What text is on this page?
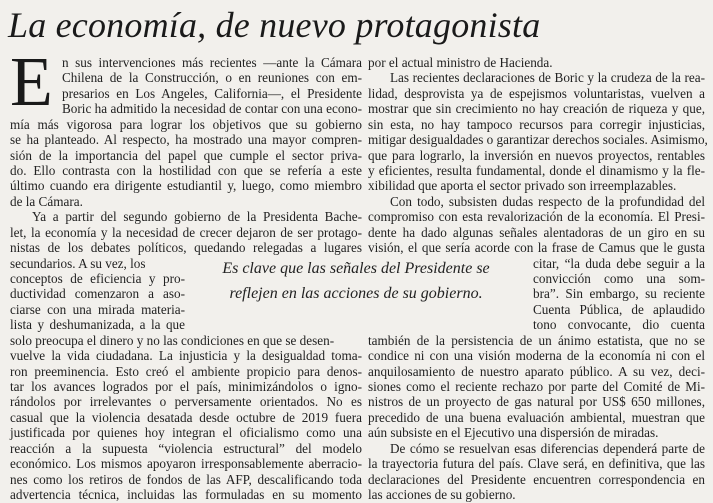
La economía, de nuevo protagonista
E
Es clave que las señales del Presidente se
reflejen en las acciones de su gobierno.
n sus intervenciones más recientes —ante la Cámara
Chilena de la Construcción, o en reuniones con em-
presarios en Los Angeles, California—, el Presidente
Boric ha admitido la necesidad de contar con una econo-
mía más vigorosa para lograr los objetivos que su gobierno
se ha planteado. Al respecto, ha mostrado una mayor compren-
sión de la importancia del papel que cumple el sector priva-
do. Ello contrasta con la hostilidad con que se refería a este
último cuando era dirigente estudiantil y, luego, como miembro
de la Cámara.
Ya a partir del segundo gobierno de la Presidenta Bache-
let, la economía y la necesidad de crecer dejaron de ser protago-
nistas de los debates políticos, quedando relegadas a lugares
secundarios. A su vez, los
conceptos de eficiencia y pro-
ductividad comenzaron a aso-
ciarse con una mirada materia-
lista y deshumanizada, a la que
solo preocupa el dinero y no las condiciones en que se desen-
vuelve la vida ciudadana. La injusticia y la desigualdad toma-
ron preeminencia. Esto creó el ambiente propicio para denos-
tar los avances logrados por el país, minimizándolos o igno-
rándolos por irrelevantes o perversamente orientados. No es
casual que la violencia desatada desde octubre de 2019 fuera
justificada por quienes hoy integran el oficialismo como una
reacción a la supuesta “violencia estructural” del modelo
económico. Los mismos apoyaron irresponsablemente aberracio-
nes como los retiros de fondos de las AFP, descalificando toda
advertencia técnica, incluidas las formuladas en su momento
por el actual ministro de Hacienda.
Las recientes declaraciones de Boric y la crudeza de la rea-
lidad, desprovista ya de espejismos voluntaristas, vuelven a
mostrar que sin crecimiento no hay creación de riqueza y que,
sin esta, no hay tampoco recursos para corregir injusticias,
mitigar desigualdades o garantizar derechos sociales. Asimismo,
que para lograrlo, la inversión en nuevos proyectos, rentables
y eficientes, resulta fundamental, donde el dinamismo y la fle-
xibilidad que aporta el sector privado son irreemplazables.
Con todo, subsisten dudas respecto de la profundidad del
compromiso con esta revalorización de la economía. El Presi-
dente ha dado algunas señales alentadoras de un giro en su
visión, el que sería acorde con la frase de Camus que le gusta
citar, “la duda debe seguir a la
convicción como una som-
bra”. Sin embargo, su reciente
Cuenta Pública, de aplaudido
tono convocante, dio cuenta
también de la persistencia de un ánimo estatista, que no se
condice ni con una visión moderna de la economía ni con el
anquilosamiento de nuestro aparato público. A su vez, deci-
siones como el reciente rechazo por parte del Comité de Mi-
nistros de un proyecto de gas natural por US$ 650 millones,
precedido de una buena evaluación ambiental, muestran que
aún subsiste en el Ejecutivo una dispersión de miradas.
De cómo se resuelvan esas diferencias dependerá parte de
la trayectoria futura del país. Clave será, en definitiva, que las
declaraciones del Presidente encuentren correspondencia en
las acciones de su gobierno.
